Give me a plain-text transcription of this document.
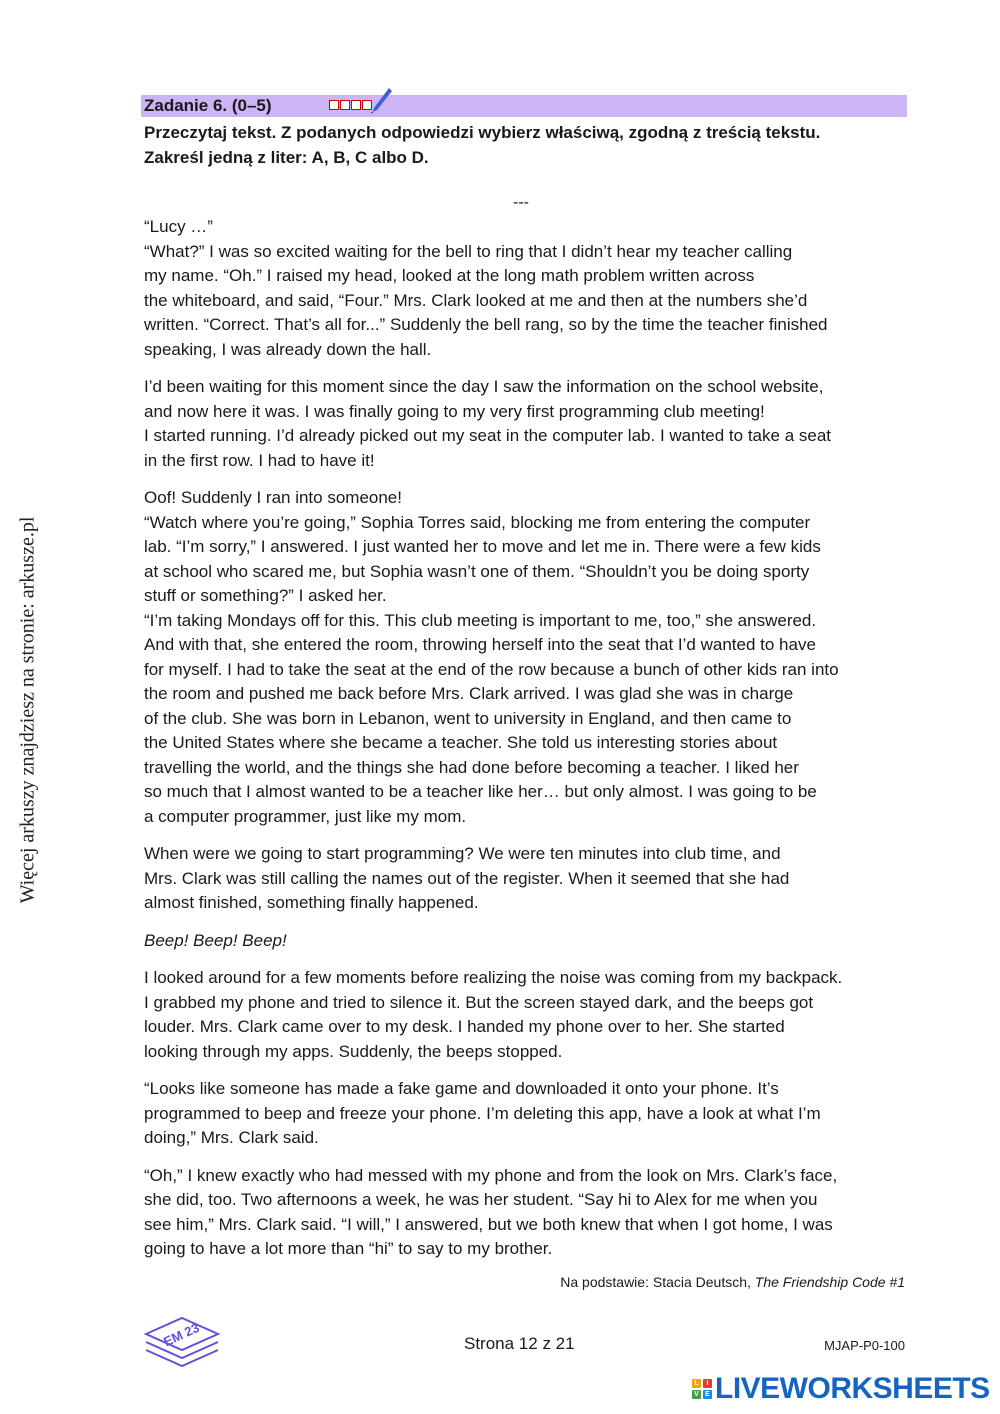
Więcej arkuszy znajdziesz na stronie: arkusze.pl
Zadanie 6. (0–5)
Przeczytaj tekst. Z podanych odpowiedzi wybierz właściwą, zgodną z treścią tekstu.
Zakreśl jedną z liter: A, B, C albo D.
---
“Lucy …”
“What?” I was so excited waiting for the bell to ring that I didn’t hear my teacher calling
my name. “Oh.” I raised my head, looked at the long math problem written across
the whiteboard, and said, “Four.” Mrs. Clark looked at me and then at the numbers she’d
written. “Correct. That’s all for...” Suddenly the bell rang, so by the time the teacher finished
speaking, I was already down the hall.
I’d been waiting for this moment since the day I saw the information on the school website,
and now here it was. I was finally going to my very first programming club meeting!
I started running. I’d already picked out my seat in the computer lab. I wanted to take a seat
in the first row. I had to have it!
Oof! Suddenly I ran into someone!
“Watch where you’re going,” Sophia Torres said, blocking me from entering the computer
lab. “I’m sorry,” I answered. I just wanted her to move and let me in. There were a few kids
at school who scared me, but Sophia wasn’t one of them. “Shouldn’t you be doing sporty
stuff or something?” I asked her.
“I’m taking Mondays off for this. This club meeting is important to me, too,” she answered.
And with that, she entered the room, throwing herself into the seat that I’d wanted to have
for myself. I had to take the seat at the end of the row because a bunch of other kids ran into
the room and pushed me back before Mrs. Clark arrived. I was glad she was in charge
of the club. She was born in Lebanon, went to university in England, and then came to
the United States where she became a teacher. She told us interesting stories about
travelling the world, and the things she had done before becoming a teacher. I liked her
so much that I almost wanted to be a teacher like her… but only almost. I was going to be
a computer programmer, just like my mom.
When were we going to start programming? We were ten minutes into club time, and
Mrs. Clark was still calling the names out of the register. When it seemed that she had
almost finished, something finally happened.
Beep! Beep! Beep!
I looked around for a few moments before realizing the noise was coming from my backpack.
I grabbed my phone and tried to silence it. But the screen stayed dark, and the beeps got
louder. Mrs. Clark came over to my desk. I handed my phone over to her. She started
looking through my apps. Suddenly, the beeps stopped.
“Looks like someone has made a fake game and downloaded it onto your phone. It’s
programmed to beep and freeze your phone. I’m deleting this app, have a look at what I’m
doing,” Mrs. Clark said.
“Oh,” I knew exactly who had messed with my phone and from the look on Mrs. Clark’s face,
she did, too. Two afternoons a week, he was her student. “Say hi to Alex for me when you
see him,” Mrs. Clark said. “I will,” I answered, but we both knew that when I got home, I was
going to have a lot more than “hi” to say to my brother.
Na podstawie: Stacia Deutsch, The Friendship Code #1
EM 23	Strona 12 z 21	MJAP-P0-100
L	I
V E LIVEWORKSHEETS
